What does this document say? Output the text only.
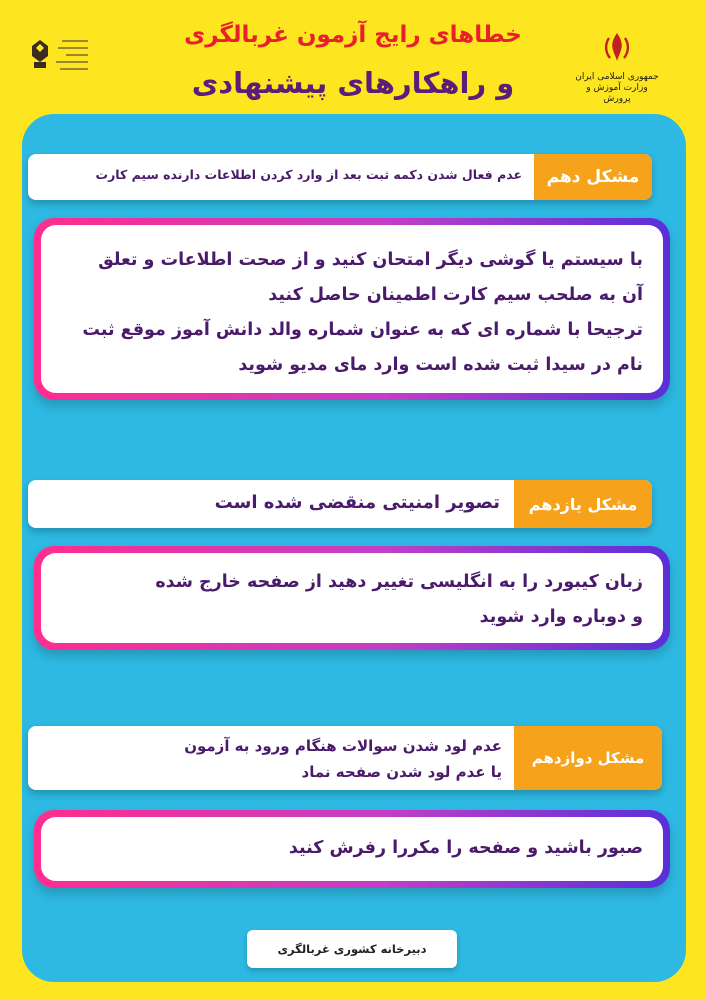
خطاهای رایج آزمون غربالگری
و راهکارهای پیشنهادی	جمهوری اسلامی ایران
وزارت آموزش و پرورش
مشکل دهم
عدم فعال شدن دکمه ثبت بعد از وارد کردن اطلاعات دارنده سیم کارت
با سیستم یا گوشی دیگر امتحان کنید و از صحت اطلاعات و تعلق
آن به صلحب سیم کارت اطمینان حاصل کنید
ترجیحا با شماره ای که به عنوان شماره والد دانش آموز موقع ثبت
نام در سیدا ثبت شده است وارد مای مدیو شوید
مشکل یازدهم
تصویر امنیتی منقضی شده است
زبان کیبورد را به انگلیسی تغییر دهید از صفحه خارج شده
و دوباره وارد شوید
مشکل دوازدهم
عدم لود شدن سوالات هنگام ورود به آزمون
یا عدم لود شدن صفحه نماد
صبور باشید و صفحه را مکررا رفرش کنید
دبیرخانه کشوری غربالگری
